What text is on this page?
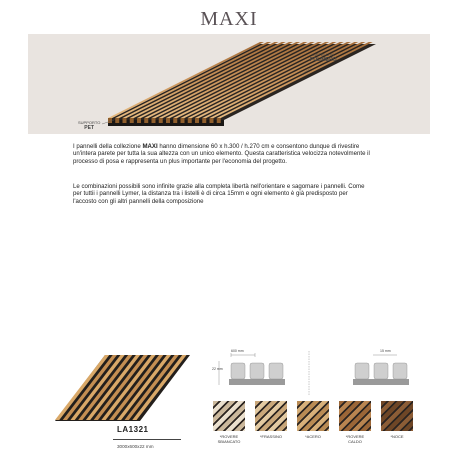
MAXI
LISTELLI IN
POLIMERO
SUPPORTO
PET
I pannelli della collezione MAXI hanno dimensione 60 x h.300 / h.270 cm e consentono dunque di rivestire un'intera parete per tutta la sua altezza con un unico elemento. Questa caratteristica velocizza notevolmente il processo di posa e rappresenta un plus importante per l'economia del progetto.
Le combinazioni possibili sono infinite grazie alla completa libertà nell'orientare e sagomare i pannelli. Come per tuttii i pannelli Lymer, la distanza tra i listelli è di circa 15mm e ogni elemento è già predisposto per l'accosto con gli altri pannelli della composizione
LA1321
3000x600x22 mm
600 mm
22 mm
15 mm
*ROVERE
SBIANCATO
*FRASSINO	*ACERO	*ROVERE
CALDO
*NOCE
